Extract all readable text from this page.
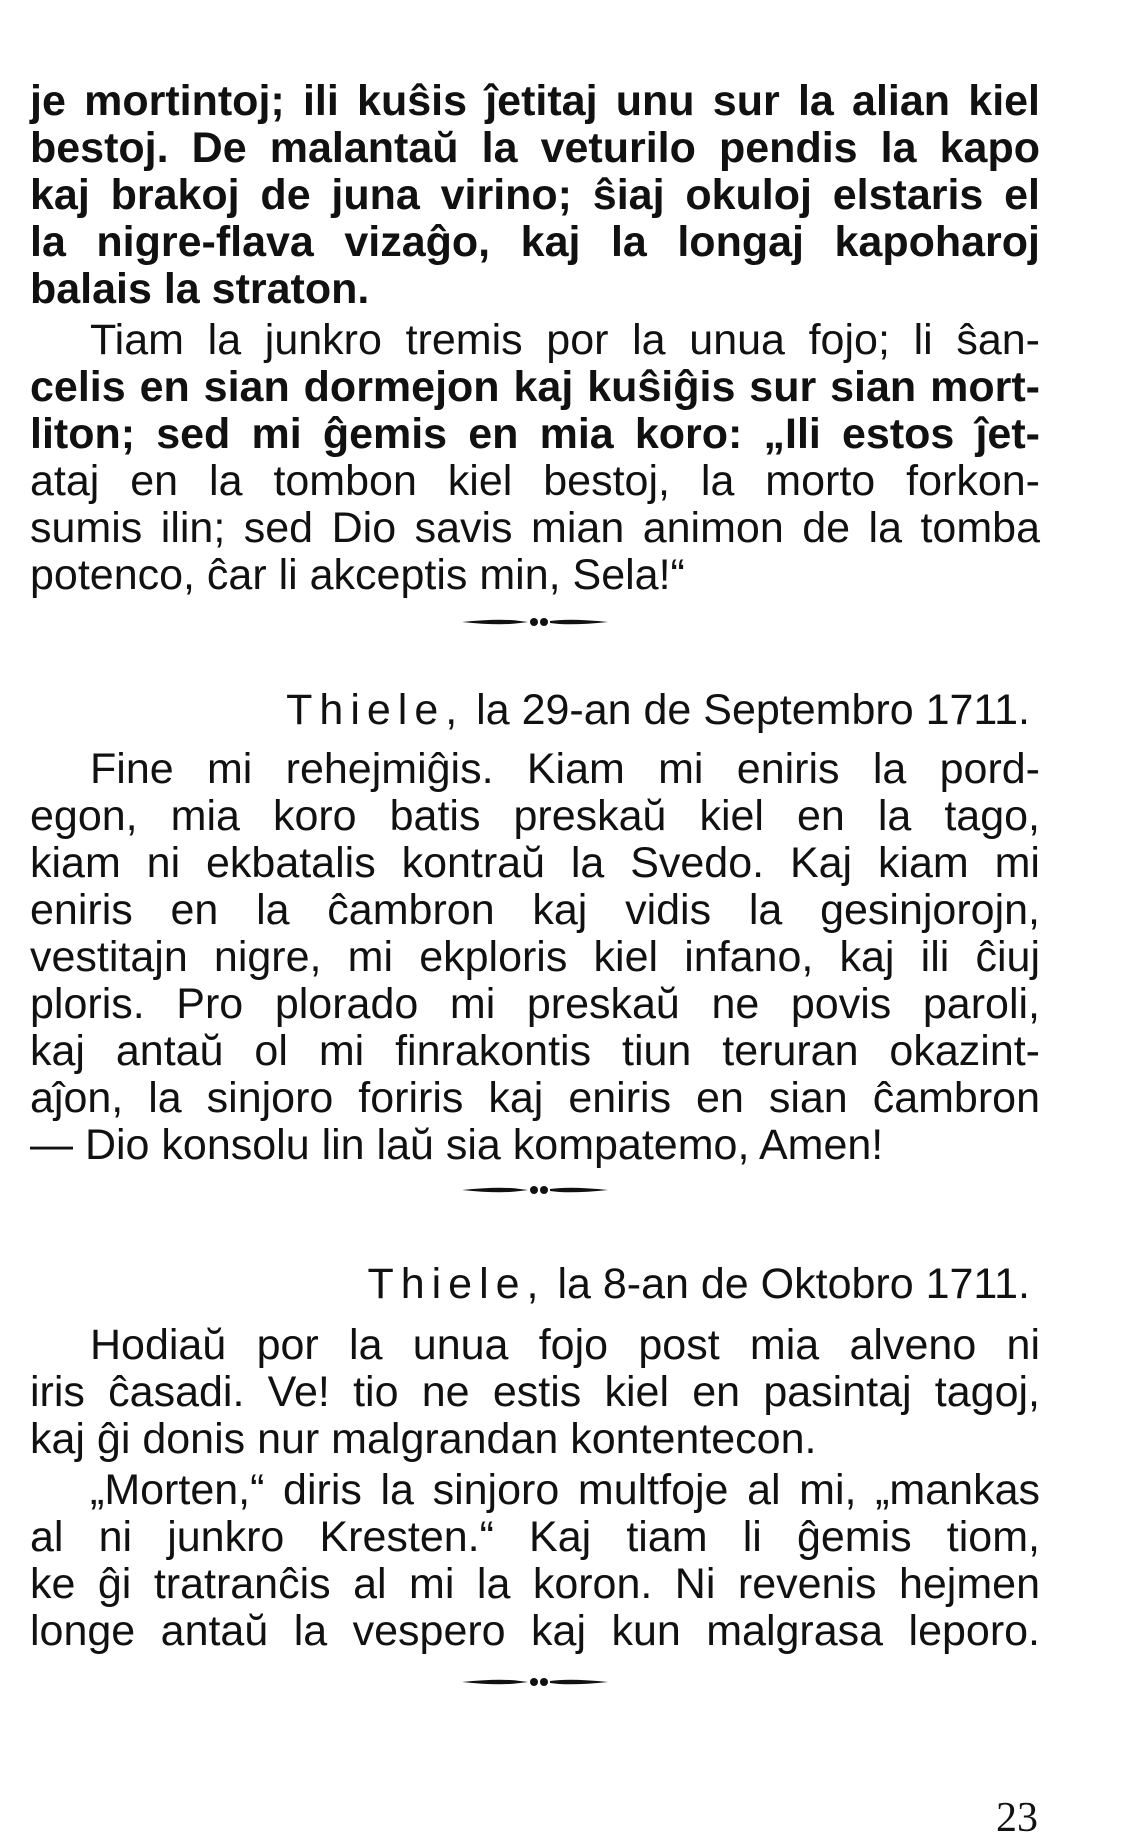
je mortintoj; ili kuŝis ĵetitaj unu sur la alian kiel
bestoj. De malantaŭ la veturilo pendis la kapo
kaj brakoj de juna virino; ŝiaj okuloj elstaris el
la nigre-flava vizaĝo, kaj la longaj kapoharoj
balais la straton.
Tiam la junkro tremis por la unua fojo; li ŝan-
celis en sian dormejon kaj kuŝiĝis sur sian mort-
liton; sed mi ĝemis en mia koro: „Ili estos ĵet-
ataj en la tombon kiel bestoj, la morto forkon-
sumis ilin; sed Dio savis mian animon de la tomba
potenco, ĉar li akceptis min, Sela!“

Thiele, la 29-an de Septembro 1711.

Fine mi rehejmiĝis. Kiam mi eniris la pord-
egon, mia koro batis preskaŭ kiel en la tago,
kiam ni ekbatalis kontraŭ la Svedo. Kaj kiam mi
eniris en la ĉambron kaj vidis la gesinjorojn,
vestitajn nigre, mi ekploris kiel infano, kaj ili ĉiuj
ploris. Pro plorado mi preskaŭ ne povis paroli,
kaj antaŭ ol mi finrakontis tiun teruran okazint-
aĵon, la sinjoro foriris kaj eniris en sian ĉambron
— Dio konsolu lin laŭ sia kompatemo, Amen!

Thiele, la 8-an de Oktobro 1711.

Hodiaŭ por la unua fojo post mia alveno ni
iris ĉasadi. Ve! tio ne estis kiel en pasintaj tagoj,
kaj ĝi donis nur malgrandan kontentecon.
„Morten,“ diris la sinjoro multfoje al mi, „mankas
al ni junkro Kresten.“ Kaj tiam li ĝemis tiom,
ke ĝi tratranĉis al mi la koron. Ni revenis hejmen
longe antaŭ la vespero kaj kun malgrasa leporo.
23
